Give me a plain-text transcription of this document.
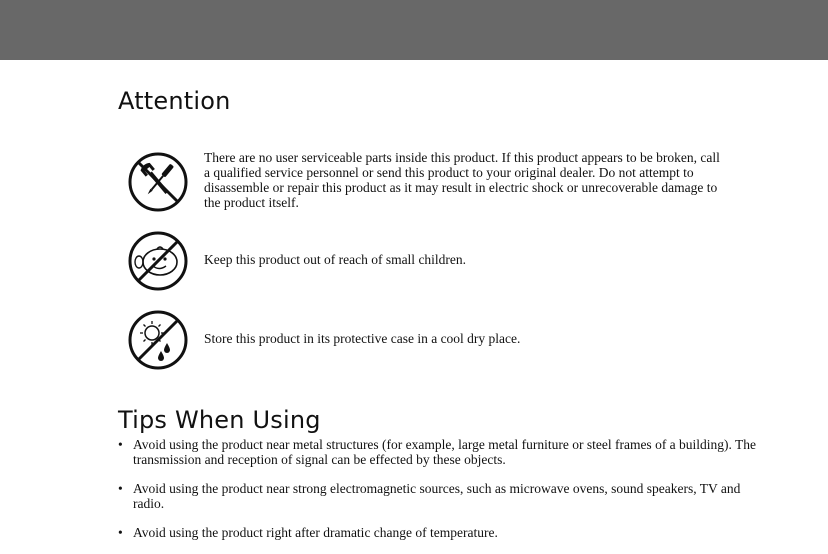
Attention

There are no user serviceable parts inside this product. If this product appears to be broken, call a qualified service personnel or send this product to your original dealer. Do not attempt to disassemble or repair this product as it may result in electric shock or unrecoverable damage to the product itself.

Keep this product out of reach of small children.

Store this product in its protective case in a cool dry place.

Tips When Using
• Avoid using the product near metal structures (for example, large metal furniture or steel frames of a building). The transmission and reception of signal can be effected by these objects.
• Avoid using the product near strong electromagnetic sources, such as microwave ovens, sound speakers, TV and radio.
• Avoid using the product right after dramatic change of temperature.
